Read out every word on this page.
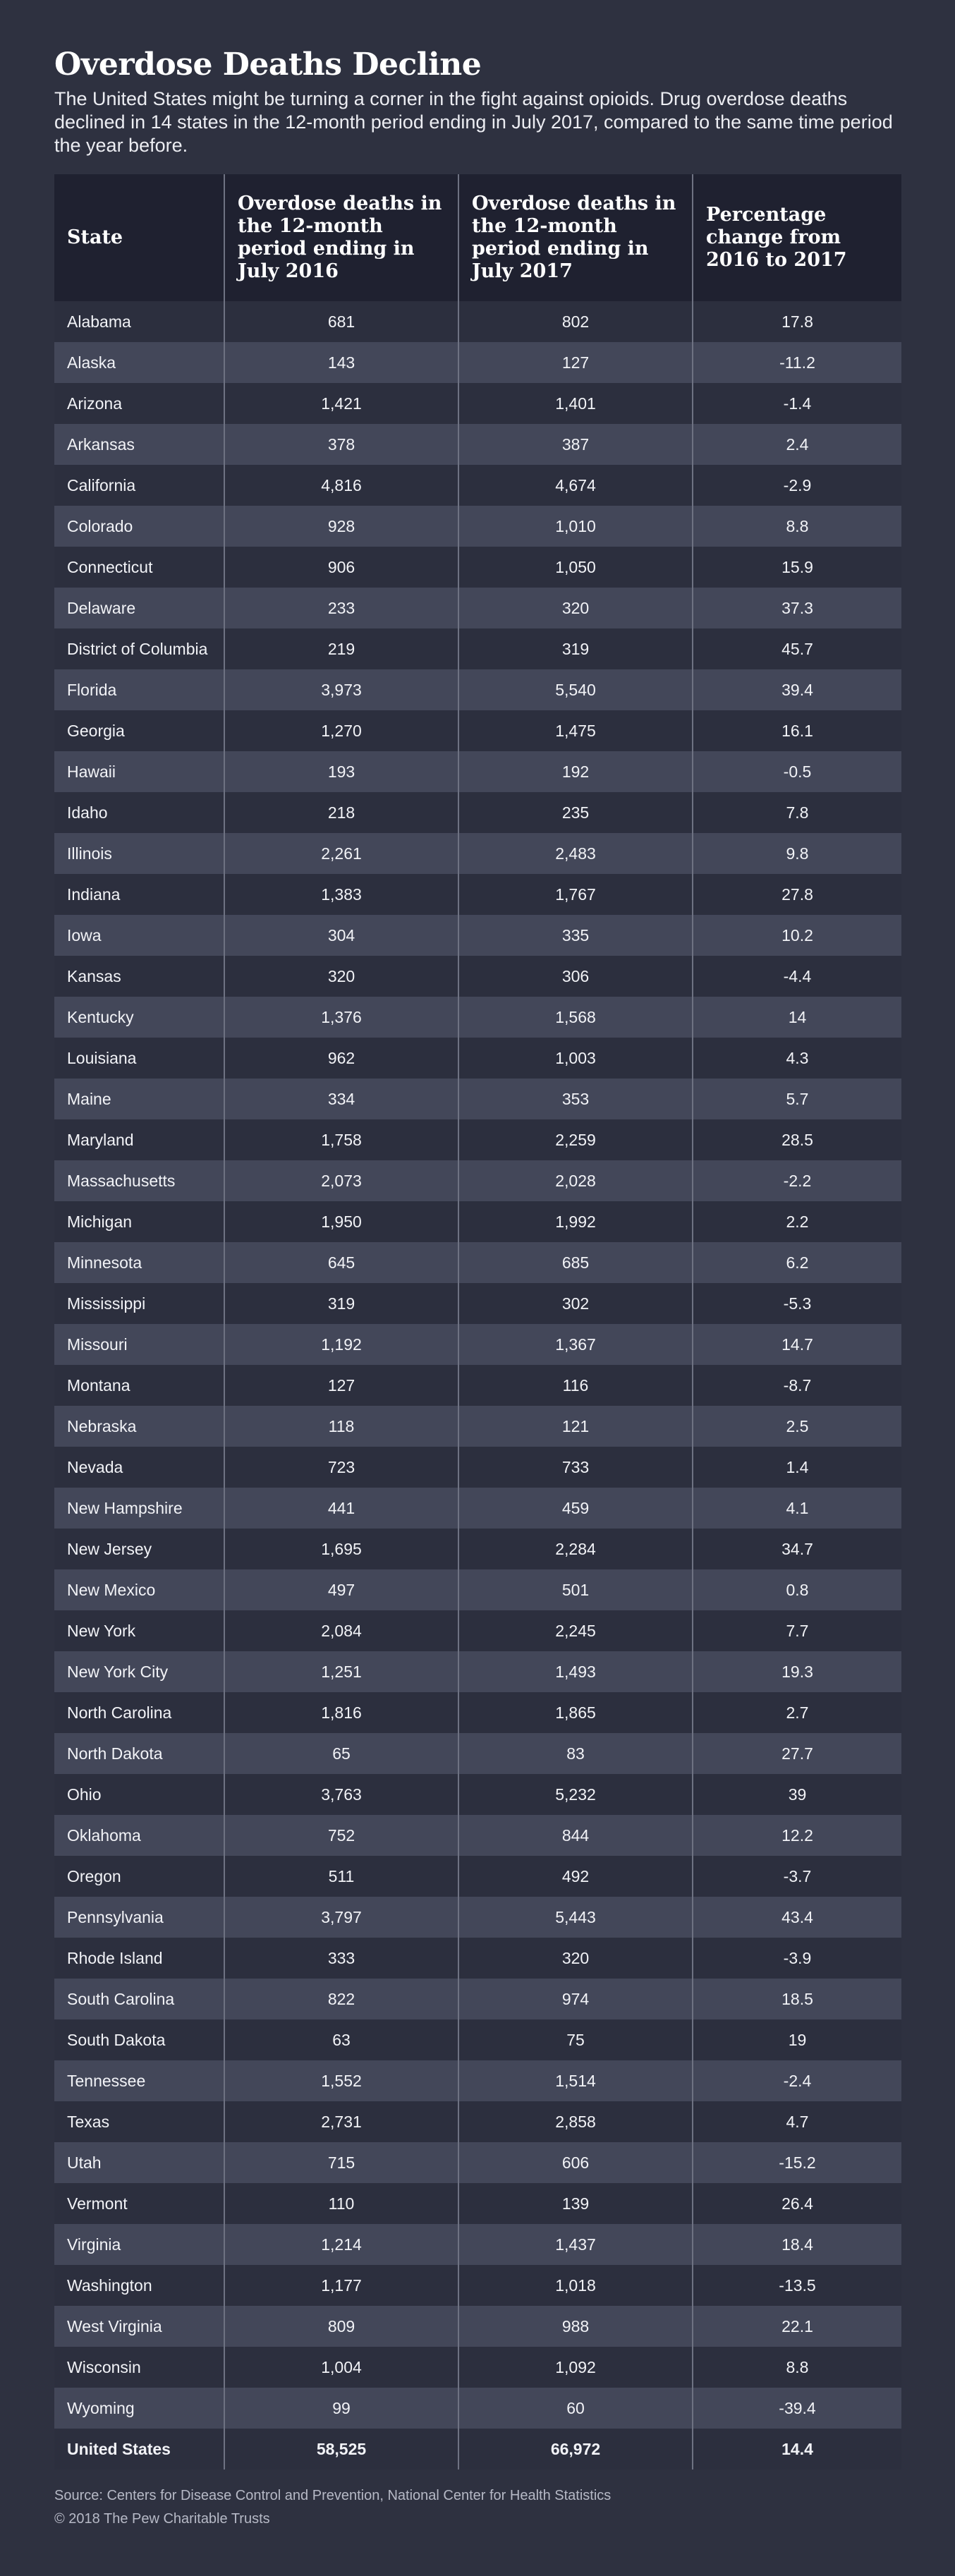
Overdose Deaths Decline
The United States might be turning a corner in the fight against opioids. Drug overdose deaths declined in 14 states in the 12-month period ending in July 2017, compared to the same time period the year before.
State	Overdose deaths in the 12-month period ending in July 2016	Overdose deaths in the 12-month period ending in July 2017	Percentage change from 2016 to 2017
Alabama	681	802	17.8
Alaska	143	127	-11.2
Arizona	1,421	1,401	-1.4
Arkansas	378	387	2.4
California	4,816	4,674	-2.9
Colorado	928	1,010	8.8
Connecticut	906	1,050	15.9
Delaware	233	320	37.3
District of Columbia	219	319	45.7
Florida	3,973	5,540	39.4
Georgia	1,270	1,475	16.1
Hawaii	193	192	-0.5
Idaho	218	235	7.8
Illinois	2,261	2,483	9.8
Indiana	1,383	1,767	27.8
Iowa	304	335	10.2
Kansas	320	306	-4.4
Kentucky	1,376	1,568	14
Louisiana	962	1,003	4.3
Maine	334	353	5.7
Maryland	1,758	2,259	28.5
Massachusetts	2,073	2,028	-2.2
Michigan	1,950	1,992	2.2
Minnesota	645	685	6.2
Mississippi	319	302	-5.3
Missouri	1,192	1,367	14.7
Montana	127	116	-8.7
Nebraska	118	121	2.5
Nevada	723	733	1.4
New Hampshire	441	459	4.1
New Jersey	1,695	2,284	34.7
New Mexico	497	501	0.8
New York	2,084	2,245	7.7
New York City	1,251	1,493	19.3
North Carolina	1,816	1,865	2.7
North Dakota	65	83	27.7
Ohio	3,763	5,232	39
Oklahoma	752	844	12.2
Oregon	511	492	-3.7
Pennsylvania	3,797	5,443	43.4
Rhode Island	333	320	-3.9
South Carolina	822	974	18.5
South Dakota	63	75	19
Tennessee	1,552	1,514	-2.4
Texas	2,731	2,858	4.7
Utah	715	606	-15.2
Vermont	110	139	26.4
Virginia	1,214	1,437	18.4
Washington	1,177	1,018	-13.5
West Virginia	809	988	22.1
Wisconsin	1,004	1,092	8.8
Wyoming	99	60	-39.4
United States	58,525	66,972	14.4
Source: Centers for Disease Control and Prevention, National Center for Health Statistics
© 2018 The Pew Charitable Trusts
